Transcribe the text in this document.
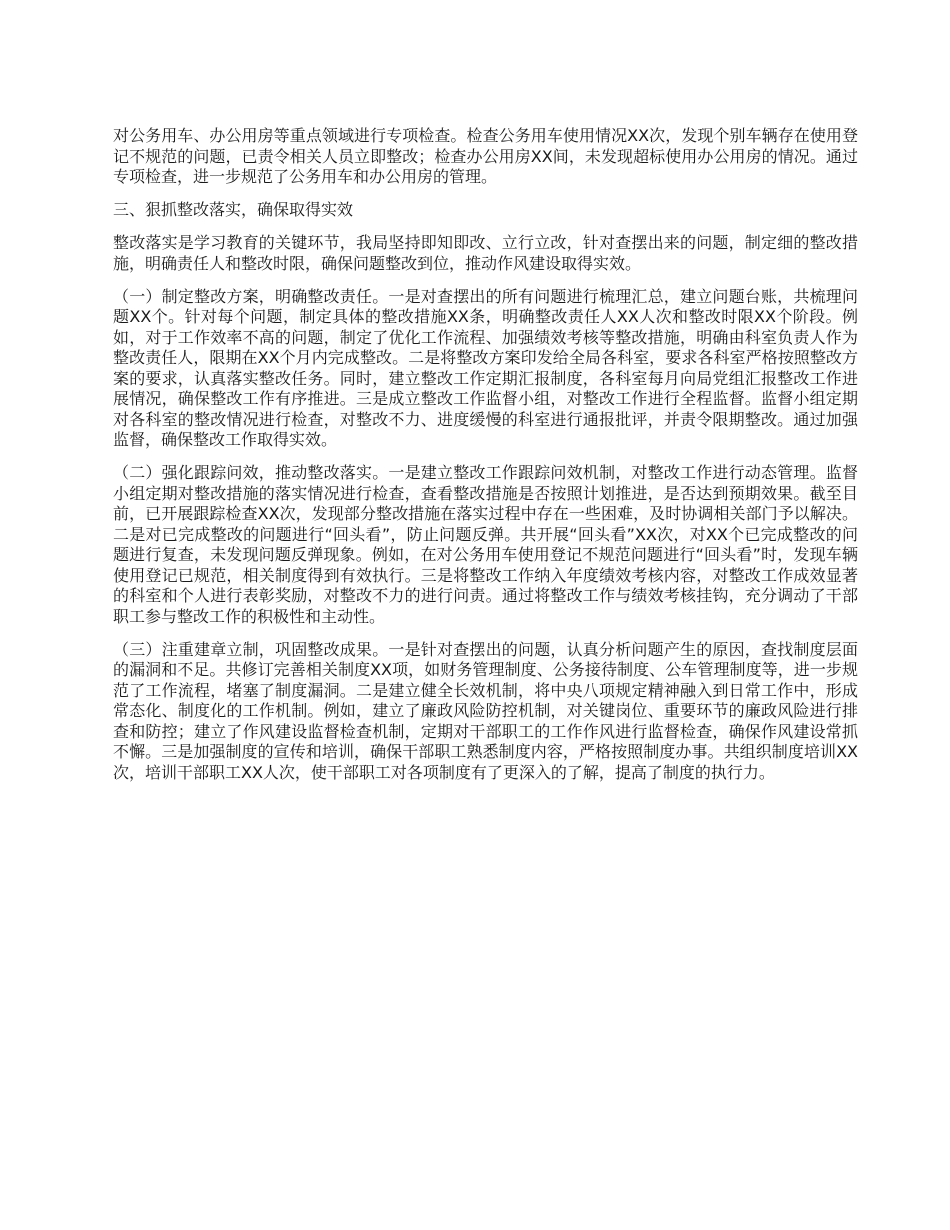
对公务用车、办公用房等重点领域进行专项检查。检查公务用车使用情况XX次，发现个别车辆存在使用登记不规范的问题，已责令相关人员立即整改；检查办公用房XX间，未发现超标使用办公用房的情况。通过专项检查，进一步规范了公务用车和办公用房的管理。

三、狠抓整改落实，确保取得实效

整改落实是学习教育的关键环节，我局坚持即知即改、立行立改，针对查摆出来的问题，制定细的整改措施，明确责任人和整改时限，确保问题整改到位，推动作风建设取得实效。

（一）制定整改方案，明确整改责任。一是对查摆出的所有问题进行梳理汇总，建立问题台账，共梳理问题XX个。针对每个问题，制定具体的整改措施XX条，明确整改责任人XX人次和整改时限XX个阶段。例如，对于工作效率不高的问题，制定了优化工作流程、加强绩效考核等整改措施，明确由科室负责人作为整改责任人，限期在XX个月内完成整改。二是将整改方案印发给全局各科室，要求各科室严格按照整改方案的要求，认真落实整改任务。同时，建立整改工作定期汇报制度，各科室每月向局党组汇报整改工作进展情况，确保整改工作有序推进。三是成立整改工作监督小组，对整改工作进行全程监督。监督小组定期对各科室的整改情况进行检查，对整改不力、进度缓慢的科室进行通报批评，并责令限期整改。通过加强监督，确保整改工作取得实效。

（二）强化跟踪问效，推动整改落实。一是建立整改工作跟踪问效机制，对整改工作进行动态管理。监督小组定期对整改措施的落实情况进行检查，查看整改措施是否按照计划推进，是否达到预期效果。截至目前，已开展跟踪检查XX次，发现部分整改措施在落实过程中存在一些困难，及时协调相关部门予以解决。二是对已完成整改的问题进行“回头看”，防止问题反弹。共开展“回头看”XX次，对XX个已完成整改的问题进行复查，未发现问题反弹现象。例如，在对公务用车使用登记不规范问题进行“回头看”时，发现车辆使用登记已规范，相关制度得到有效执行。三是将整改工作纳入年度绩效考核内容，对整改工作成效显著的科室和个人进行表彰奖励，对整改不力的进行问责。通过将整改工作与绩效考核挂钩，充分调动了干部职工参与整改工作的积极性和主动性。

（三）注重建章立制，巩固整改成果。一是针对查摆出的问题，认真分析问题产生的原因，查找制度层面的漏洞和不足。共修订完善相关制度XX项，如财务管理制度、公务接待制度、公车管理制度等，进一步规范了工作流程，堵塞了制度漏洞。二是建立健全长效机制，将中央八项规定精神融入到日常工作中，形成常态化、制度化的工作机制。例如，建立了廉政风险防控机制，对关键岗位、重要环节的廉政风险进行排查和防控；建立了作风建设监督检查机制，定期对干部职工的工作作风进行监督检查，确保作风建设常抓不懈。三是加强制度的宣传和培训，确保干部职工熟悉制度内容，严格按照制度办事。共组织制度培训XX次，培训干部职工XX人次，使干部职工对各项制度有了更深入的了解，提高了制度的执行力。
